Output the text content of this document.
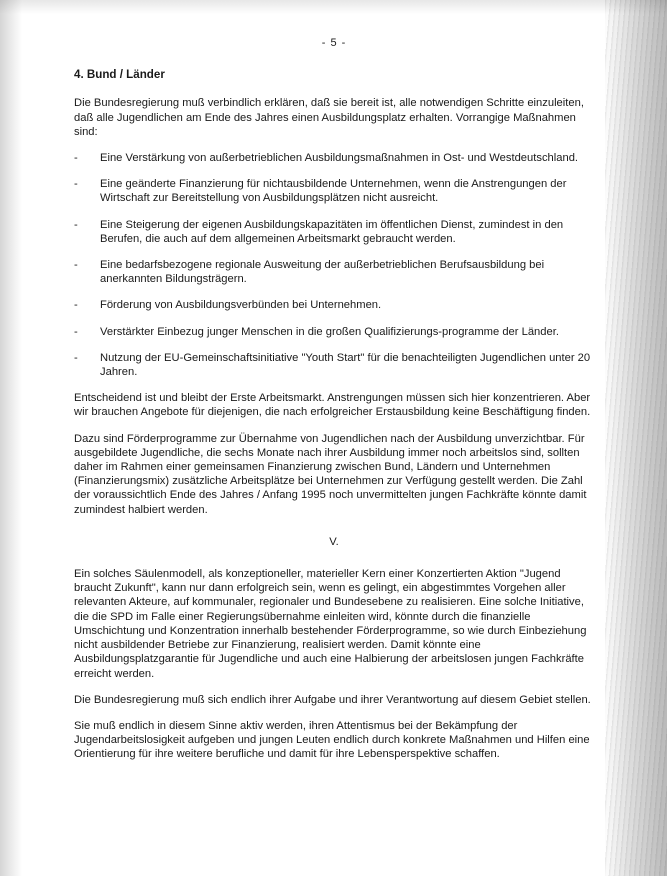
- 5 -
4. Bund / Länder

Die Bundesregierung muß verbindlich erklären, daß sie bereit ist, alle notwendigen Schritte einzuleiten, daß alle Jugendlichen am Ende des Jahres einen Ausbildungsplatz erhalten. Vorrangige Maßnahmen sind:

- Eine Verstärkung von außerbetrieblichen Ausbildungsmaßnahmen in Ost- und Westdeutschland.
- Eine geänderte Finanzierung für nichtausbildende Unternehmen, wenn die Anstrengungen der Wirtschaft zur Bereitstellung von Ausbildungsplätzen nicht ausreicht.
- Eine Steigerung der eigenen Ausbildungskapazitäten im öffentlichen Dienst, zumindest in den Berufen, die auch auf dem allgemeinen Arbeitsmarkt gebraucht werden.
- Eine bedarfsbezogene regionale Ausweitung der außerbetrieblichen Berufsausbildung bei anerkannten Bildungsträgern.
- Förderung von Ausbildungsverbünden bei Unternehmen.
- Verstärkter Einbezug junger Menschen in die großen Qualifizierungs-programme der Länder.
- Nutzung der EU-Gemeinschaftsinitiative "Youth Start" für die benachteiligten Jugendlichen unter 20 Jahren.

Entscheidend ist und bleibt der Erste Arbeitsmarkt. Anstrengungen müssen sich hier konzentrieren. Aber wir brauchen Angebote für diejenigen, die nach erfolgreicher Erstausbildung keine Beschäftigung finden.

Dazu sind Förderprogramme zur Übernahme von Jugendlichen nach der Ausbildung unverzichtbar. Für ausgebildete Jugendliche, die sechs Monate nach ihrer Ausbildung immer noch arbeitslos sind, sollten daher im Rahmen einer gemeinsamen Finanzierung zwischen Bund, Ländern und Unternehmen (Finanzierungsmix) zusätzliche Arbeitsplätze bei Unternehmen zur Verfügung gestellt werden. Die Zahl der voraussichtlich Ende des Jahres / Anfang 1995 noch unvermittelten jungen Fachkräfte könnte damit zumindest halbiert werden.

V.

Ein solches Säulenmodell, als konzeptioneller, materieller Kern einer Konzertierten Aktion "Jugend braucht Zukunft", kann nur dann erfolgreich sein, wenn es gelingt, ein abgestimmtes Vorgehen aller relevanten Akteure, auf kommunaler, regionaler und Bundesebene zu realisieren. Eine solche Initiative, die die SPD im Falle einer Regierungsübernahme einleiten wird, könnte durch die finanzielle Umschichtung und Konzentration innerhalb bestehender Förderprogramme, so wie durch Einbeziehung nicht ausbildender Betriebe zur Finanzierung, realisiert werden. Damit könnte eine Ausbildungsplatzgarantie für Jugendliche und auch eine Halbierung der arbeitslosen jungen Fachkräfte erreicht werden.

Die Bundesregierung muß sich endlich ihrer Aufgabe und ihrer Verantwortung auf diesem Gebiet stellen.

Sie muß endlich in diesem Sinne aktiv werden, ihren Attentismus bei der Bekämpfung der Jugendarbeitslosigkeit aufgeben und jungen Leuten endlich durch konkrete Maßnahmen und Hilfen eine Orientierung für ihre weitere berufliche und damit für ihre Lebensperspektive schaffen.
